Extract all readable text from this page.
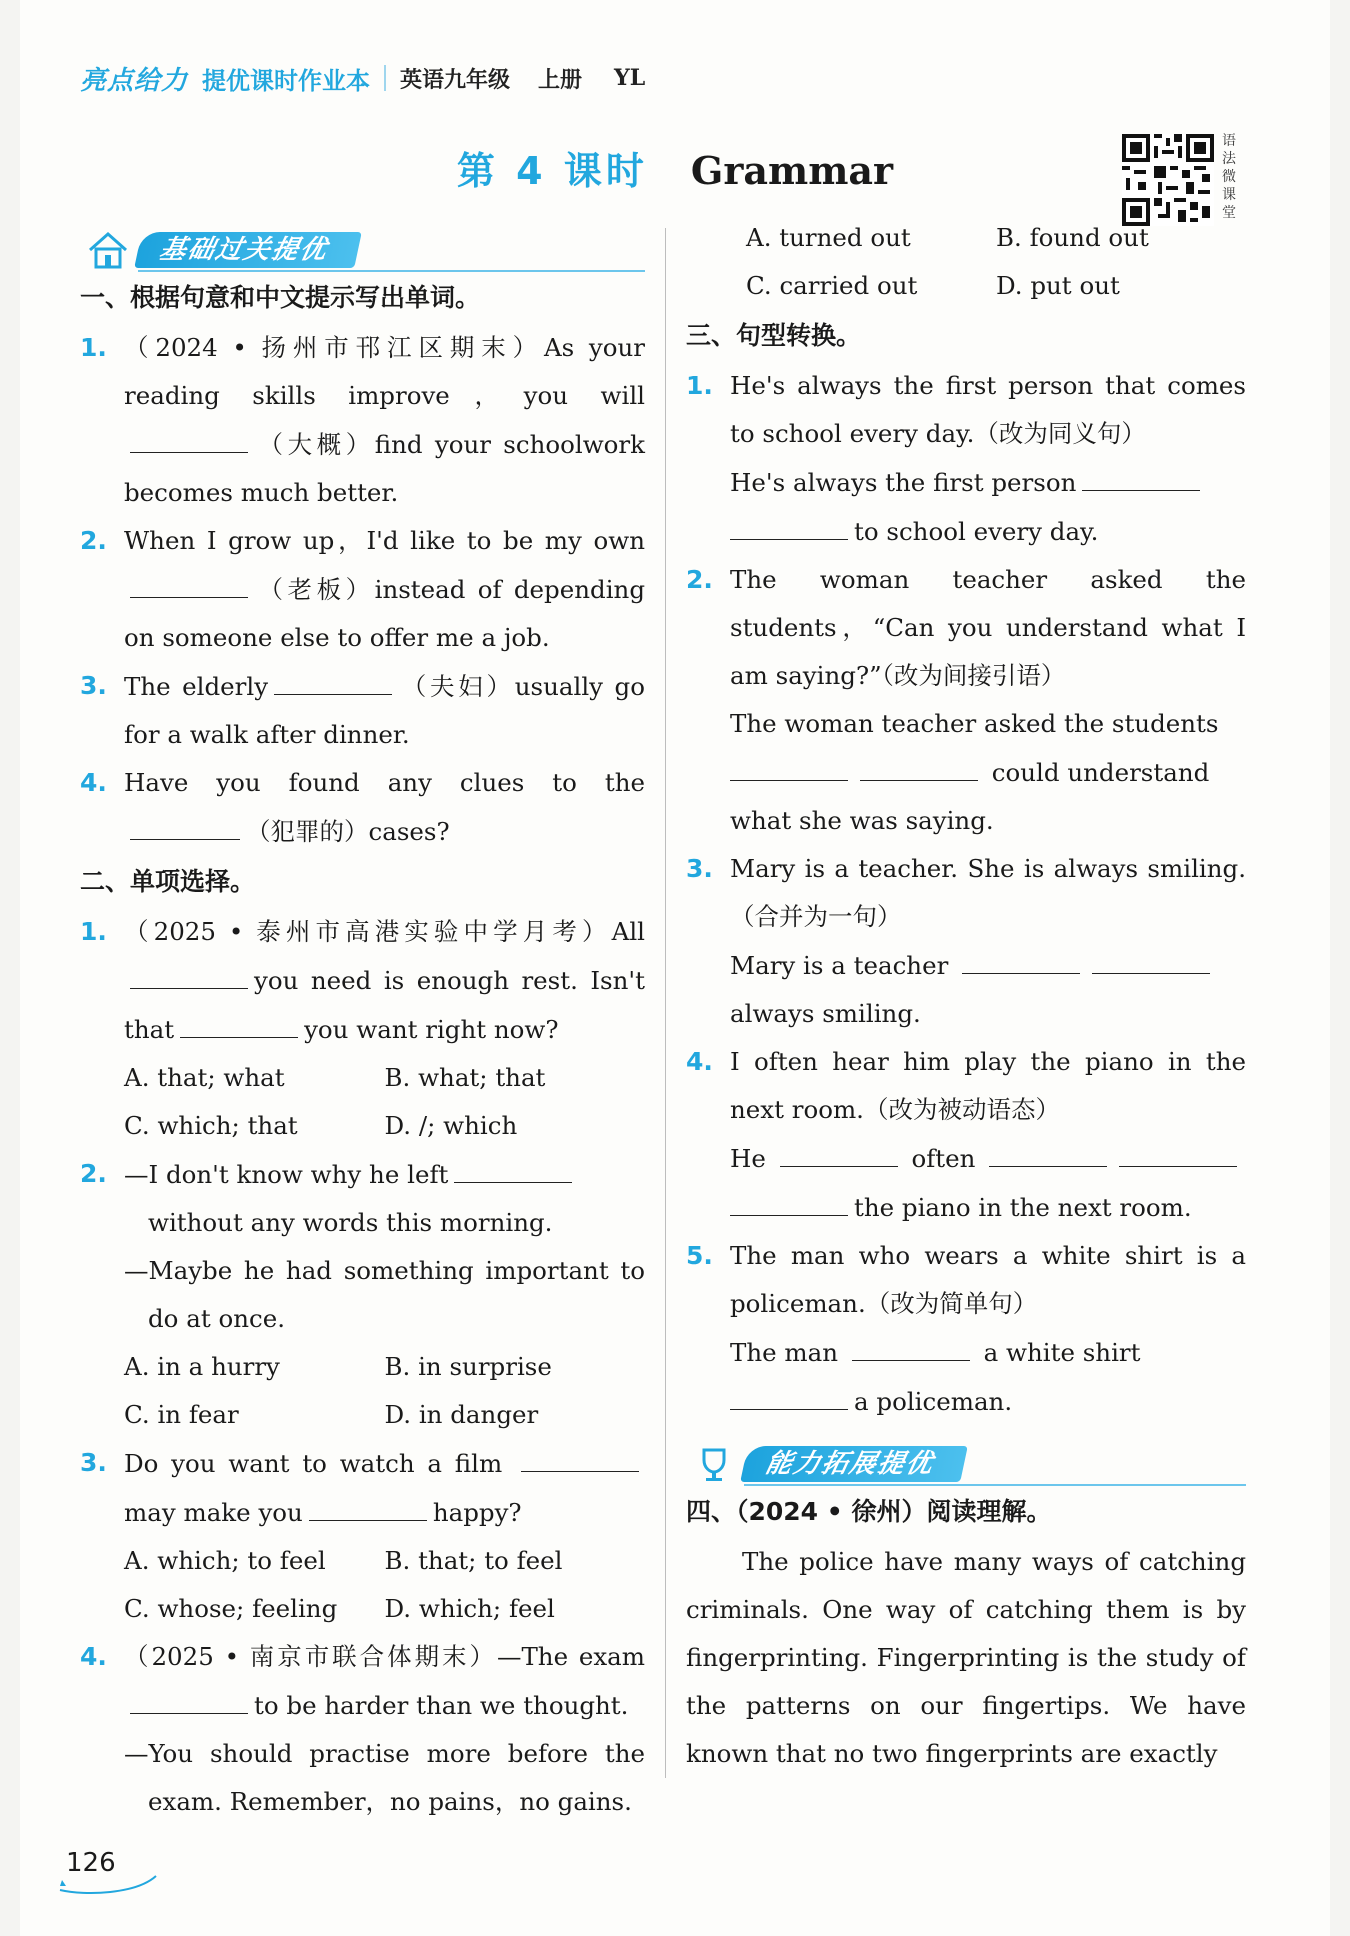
亮点给力 提优课时作业本 英语九年级 上册 YL
第 4 课时 Grammar
语法微课堂
基础过关提优
一、根据句意和中文提示写出单词。
1. （2024 • 扬州市邗江区期末）As your reading skills improve，you will（大概）find your schoolwork becomes much better.
2. When I grow up，I'd like to be my own （老板）instead of depending on someone else to offer me a job.
3. The elderly	（夫妇）usually go for a walk after dinner.
4. Have you found any clues to the（犯罪的）cases?
二、单项选择。
1. （2025 • 泰州市高港实验中学月考）All you need is enough rest. Isn't that	you want right now?
A. that; what	B. what; that
C. which; that	D. /; which
2. —I don't know why he left
without any words this morning.
—Maybe he had something important to do at once.
A. in a hurry	B. in surprise
C. in fear	D. in danger
3. Do you want to watch a film may make you	happy?
A. which; to feel	B. that; to feel
C. whose; feeling	D. which; feel
4. （2025 • 南京市联合体期末）—The exam to be harder than we thought.
—You should practise more before the exam. Remember，no pains，no gains.
A. turned out	B. found out
C. carried out	D. put out
三、句型转换。
1. He's always the first person that comes to school every day.（改为同义句）
He's always the first person
to school every day.
2. The woman teacher asked the students，“Can you understand what I am saying?”（改为间接引语）
The woman teacher asked the students
could understand
what she was saying.
3. Mary is a teacher. She is always smiling.（合并为一句）
Mary is a teacher
always smiling.
4. I often hear him play the piano in the next room.（改为被动语态）
He	often
the piano in the next room.
5. The man who wears a white shirt is a policeman.（改为简单句）
The man	a white shirt
a policeman.
能力拓展提优
四、（2024 • 徐州）阅读理解。
The police have many ways of catching criminals. One way of catching them is by fingerprinting. Fingerprinting is the study of the patterns on our fingertips. We have known that no two fingerprints are exactly
126
